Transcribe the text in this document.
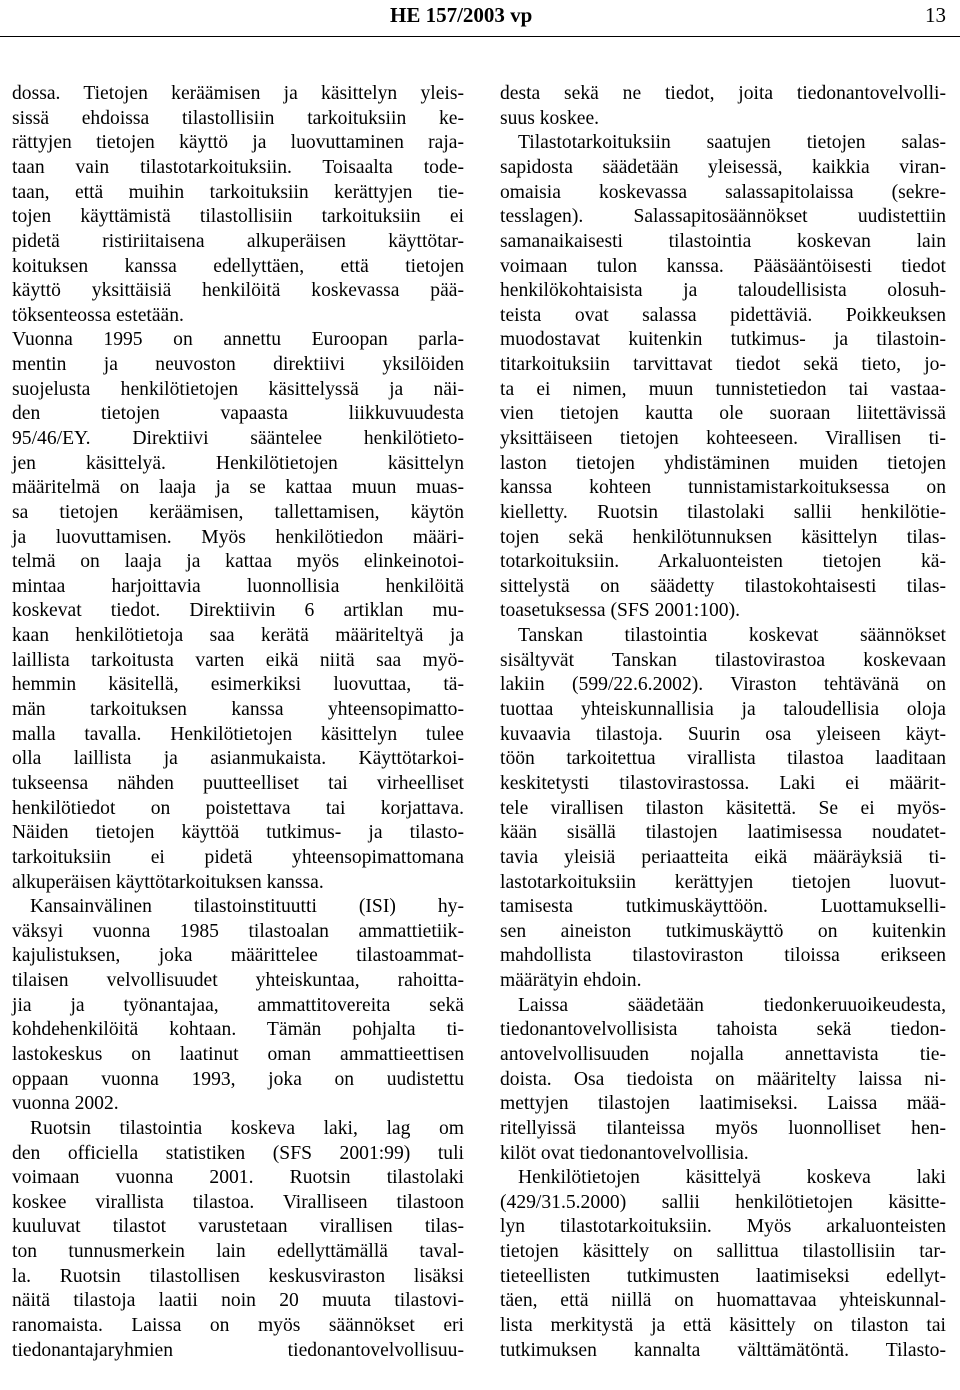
HE 157/2003 vp	13
dossa. Tietojen keräämisen ja käsittelyn yleis-
sissä ehdoissa tilastollisiin tarkoituksiin ke-
rättyjen tietojen käyttö ja luovuttaminen raja-
taan vain tilastotarkoituksiin. Toisaalta tode-
taan, että muihin tarkoituksiin kerättyjen tie-
tojen käyttämistä tilastollisiin tarkoituksiin ei
pidetä ristiriitaisena alkuperäisen käyttötar-
koituksen kanssa edellyttäen, että tietojen
käyttö yksittäisiä henkilöitä koskevassa pää-
töksenteossa estetään.
Vuonna 1995 on annettu Euroopan parla-
mentin ja neuvoston direktiivi yksilöiden
suojelusta henkilötietojen käsittelyssä ja näi-
den tietojen vapaasta liikkuvuudesta
95/46/EY. Direktiivi sääntelee henkilötieto-
jen käsittelyä. Henkilötietojen käsittelyn
määritelmä on laaja ja se kattaa muun muas-
sa tietojen keräämisen, tallettamisen, käytön
ja luovuttamisen. Myös henkilötiedon määri-
telmä on laaja ja kattaa myös elinkeinotoi-
mintaa harjoittavia luonnollisia henkilöitä
koskevat tiedot. Direktiivin 6 artiklan mu-
kaan henkilötietoja saa kerätä määriteltyä ja
laillista tarkoitusta varten eikä niitä saa myö-
hemmin käsitellä, esimerkiksi luovuttaa, tä-
män tarkoituksen kanssa yhteensopimatto-
malla tavalla. Henkilötietojen käsittelyn tulee
olla laillista ja asianmukaista. Käyttötarkoi-
tukseensa nähden puutteelliset tai virheelliset
henkilötiedot on poistettava tai korjattava.
Näiden tietojen käyttöä tutkimus- ja tilasto-
tarkoituksiin ei pidetä yhteensopimattomana
alkuperäisen käyttötarkoituksen kanssa.
Kansainvälinen tilastoinstituutti (ISI) hy-
väksyi vuonna 1985 tilastoalan ammattietiik-
kajulistuksen, joka määrittelee tilastoammat-
tilaisen velvollisuudet yhteiskuntaa, rahoitta-
jia ja työnantajaa, ammattitovereita sekä
kohdehenkilöitä kohtaan. Tämän pohjalta ti-
lastokeskus on laatinut oman ammattieettisen
oppaan vuonna 1993, joka on uudistettu
vuonna 2002.
Ruotsin tilastointia koskeva laki, lag om
den officiella statistiken (SFS 2001:99) tuli
voimaan vuonna 2001. Ruotsin tilastolaki
koskee virallista tilastoa. Viralliseen tilastoon
kuuluvat tilastot varustetaan virallisen tilas-
ton tunnusmerkein lain edellyttämällä taval-
la. Ruotsin tilastollisen keskusviraston lisäksi
näitä tilastoja laatii noin 20 muuta tilastovi-
ranomaista. Laissa on myös säännökset eri
tiedonantajaryhmien tiedonantovelvollisuu-
desta sekä ne tiedot, joita tiedonantovelvolli-
suus koskee.
Tilastotarkoituksiin saatujen tietojen salas-
sapidosta säädetään yleisessä, kaikkia viran-
omaisia koskevassa salassapitolaissa (sekre-
tesslagen). Salassapitosäännökset uudistettiin
samanaikaisesti tilastointia koskevan lain
voimaan tulon kanssa. Pääsääntöisesti tiedot
henkilökohtaisista ja taloudellisista olosuh-
teista ovat salassa pidettäviä. Poikkeuksen
muodostavat kuitenkin tutkimus- ja tilastoin-
titarkoituksiin tarvittavat tiedot sekä tieto, jo-
ta ei nimen, muun tunnistetiedon tai vastaa-
vien tietojen kautta ole suoraan liitettävissä
yksittäiseen tietojen kohteeseen. Virallisen ti-
laston tietojen yhdistäminen muiden tietojen
kanssa kohteen tunnistamistarkoituksessa on
kielletty. Ruotsin tilastolaki sallii henkilötie-
tojen sekä henkilötunnuksen käsittelyn tilas-
totarkoituksiin. Arkaluonteisten tietojen kä-
sittelystä on säädetty tilastokohtaisesti tilas-
toasetuksessa (SFS 2001:100).
Tanskan tilastointia koskevat säännökset
sisältyvät Tanskan tilastovirastoa koskevaan
lakiin (599/22.6.2002). Viraston tehtävänä on
tuottaa yhteiskunnallisia ja taloudellisia oloja
kuvaavia tilastoja. Suurin osa yleiseen käyt-
töön tarkoitettua virallista tilastoa laaditaan
keskitetysti tilastovirastossa. Laki ei määrit-
tele virallisen tilaston käsitettä. Se ei myös-
kään sisällä tilastojen laatimisessa noudatet-
tavia yleisiä periaatteita eikä määräyksiä ti-
lastotarkoituksiin kerättyjen tietojen luovut-
tamisesta tutkimuskäyttöön. Luottamukselli-
sen aineiston tutkimuskäyttö on kuitenkin
mahdollista tilastoviraston tiloissa erikseen
määrätyin ehdoin.
Laissa säädetään tiedonkeruuoikeudesta,
tiedonantovelvollisista tahoista sekä tiedon-
antovelvollisuuden nojalla annettavista tie-
doista. Osa tiedoista on määritelty laissa ni-
mettyjen tilastojen laatimiseksi. Laissa mää-
ritellyissä tilanteissa myös luonnolliset hen-
kilöt ovat tiedonantovelvollisia.
Henkilötietojen käsittelyä koskeva laki
(429/31.5.2000) sallii henkilötietojen käsitte-
lyn tilastotarkoituksiin. Myös arkaluonteisten
tietojen käsittely on sallittua tilastollisiin tar-
tieteellisten tutkimusten laatimiseksi edellyt-
täen, että niillä on huomattavaa yhteiskunnal-
lista merkitystä ja että käsittely on tilaston tai
tutkimuksen kannalta välttämätöntä. Tilasto-
